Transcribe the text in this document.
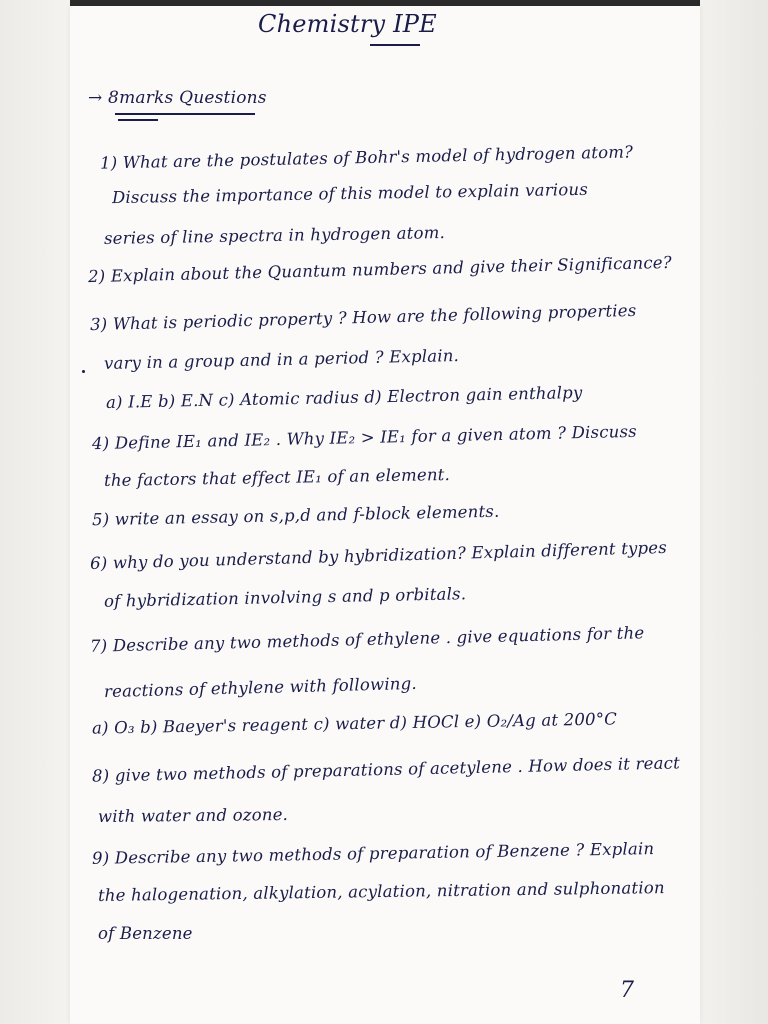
Chemistry IPE
→ 8marks Questions
1) What are the postulates of Bohr's model of hydrogen atom?
Discuss the importance of this model to explain various
series of line spectra in hydrogen atom.
2) Explain about the Quantum numbers and give their Significance?
3) What is periodic property ? How are the following properties
vary in a group and in a period ? Explain.
a) I.E b) E.N c) Atomic radius d) Electron gain enthalpy
4) Define IE₁ and IE₂ . Why IE₂ > IE₁ for a given atom ? Discuss
the factors that effect IE₁ of an element.
5) write an essay on s,p,d and f-block elements.
6) why do you understand by hybridization? Explain different types
of hybridization involving s and p orbitals.
7) Describe any two methods of ethylene . give equations for the
reactions of ethylene with following.
a) O₃ b) Baeyer's reagent c) water d) HOCl e) O₂/Ag at 200°C
8) give two methods of preparations of acetylene . How does it react
with water and ozone.
9) Describe any two methods of preparation of Benzene ? Explain
the halogenation, alkylation, acylation, nitration and sulphonation
of Benzene
7
